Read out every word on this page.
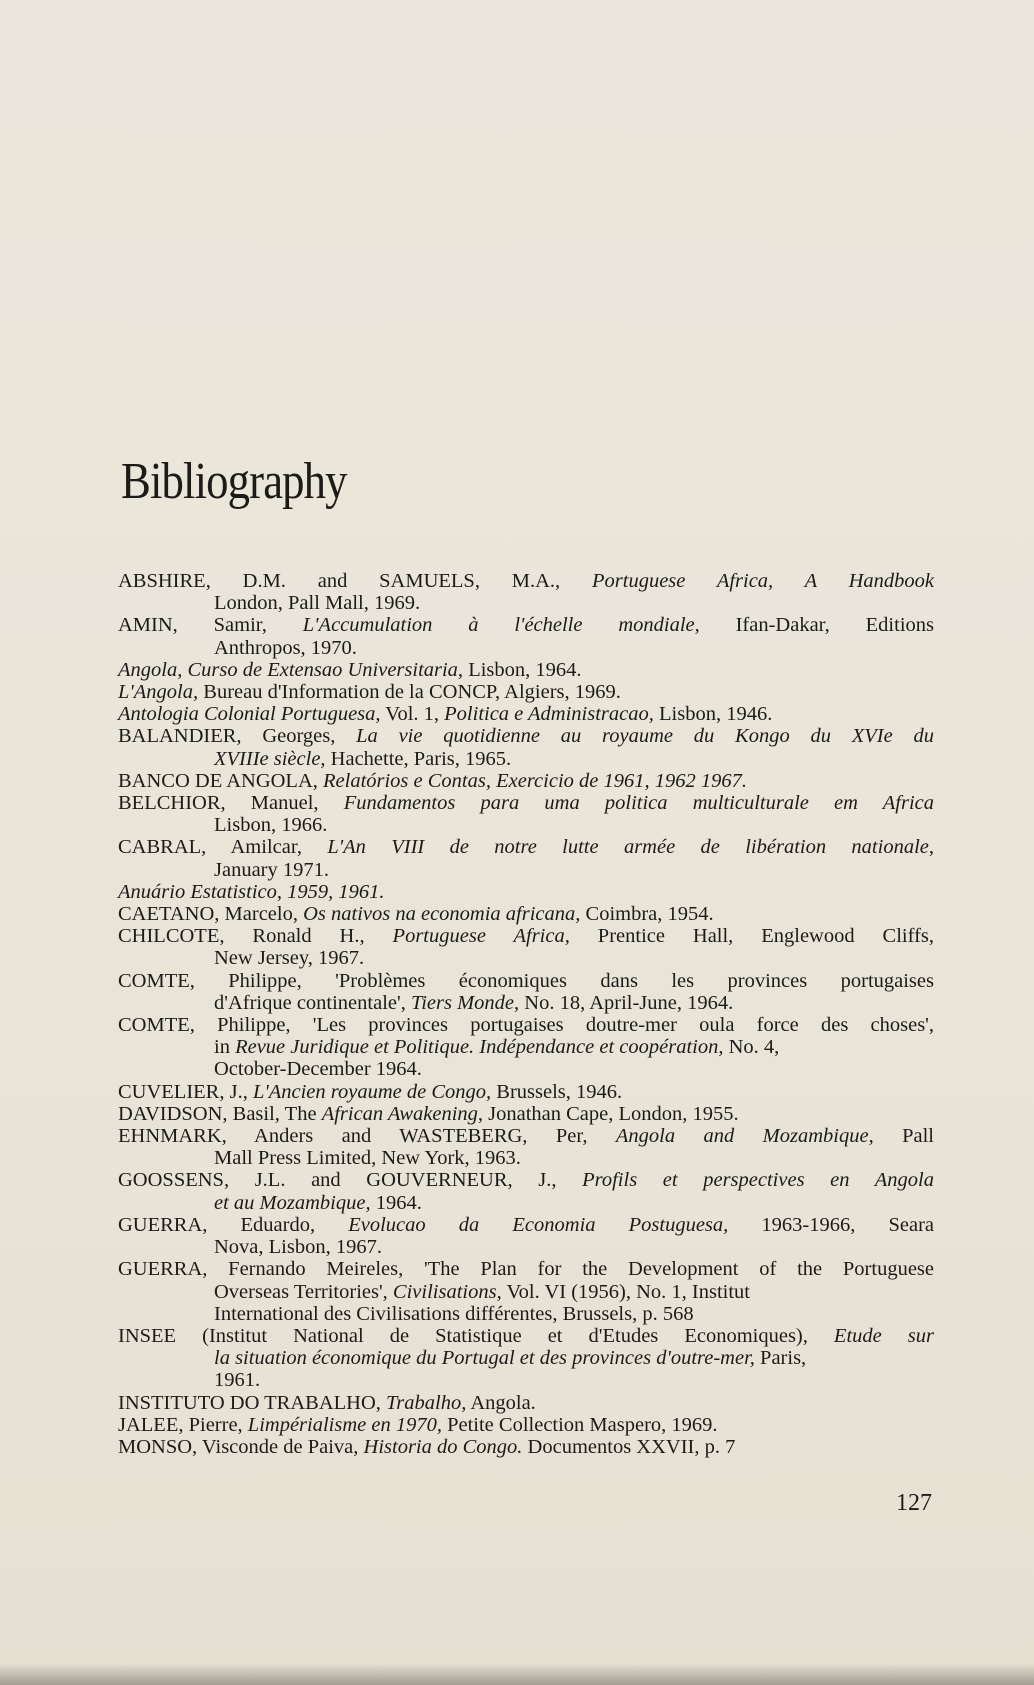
Bibliography

ABSHIRE, D.M. and SAMUELS, M.A., Portuguese Africa, A Handbook
London, Pall Mall, 1969.

AMIN, Samir, L'Accumulation à l'échelle mondiale, Ifan-Dakar, Editions
Anthropos, 1970.

Angola, Curso de Extensao Universitaria, Lisbon, 1964.

L'Angola, Bureau d'Information de la CONCP, Algiers, 1969.

Antologia Colonial Portuguesa, Vol. 1, Politica e Administracao, Lisbon, 1946.

BALANDIER, Georges, La vie quotidienne au royaume du Kongo du XVIe du
XVIIIe siècle, Hachette, Paris, 1965.

BANCO DE ANGOLA, Relatórios e Contas, Exercicio de 1961, 1962 1967.

BELCHIOR, Manuel, Fundamentos para uma politica multiculturale em Africa
Lisbon, 1966.

CABRAL, Amilcar, L'An VIII de notre lutte armée de libération nationale,
January 1971.

Anuário Estatistico, 1959, 1961.

CAETANO, Marcelo, Os nativos na economia africana, Coimbra, 1954.

CHILCOTE, Ronald H., Portuguese Africa, Prentice Hall, Englewood Cliffs,
New Jersey, 1967.

COMTE, Philippe, 'Problèmes économiques dans les provinces portugaises
d'Afrique continentale', Tiers Monde, No. 18, April-June, 1964.

COMTE, Philippe, 'Les provinces portugaises doutre-mer oula force des choses',
in Revue Juridique et Politique. Indépendance et coopération, No. 4,
October-December 1964.

CUVELIER, J., L'Ancien royaume de Congo, Brussels, 1946.

DAVIDSON, Basil, The African Awakening, Jonathan Cape, London, 1955.

EHNMARK, Anders and WASTEBERG, Per, Angola and Mozambique, Pall
Mall Press Limited, New York, 1963.

GOOSSENS, J.L. and GOUVERNEUR, J., Profils et perspectives en Angola
et au Mozambique, 1964.

GUERRA, Eduardo, Evolucao da Economia Postuguesa, 1963-1966, Seara
Nova, Lisbon, 1967.

GUERRA, Fernando Meireles, 'The Plan for the Development of the Portuguese
Overseas Territories', Civilisations, Vol. VI (1956), No. 1, Institut
International des Civilisations différentes, Brussels, p. 568

INSEE (Institut National de Statistique et d'Etudes Economiques), Etude sur
la situation économique du Portugal et des provinces d'outre-mer, Paris,
1961.

INSTITUTO DO TRABALHO, Trabalho, Angola.

JALEE, Pierre, Limpérialisme en 1970, Petite Collection Maspero, 1969.

MONSO, Visconde de Paiva, Historia do Congo. Documentos XXVII, p. 7

127
